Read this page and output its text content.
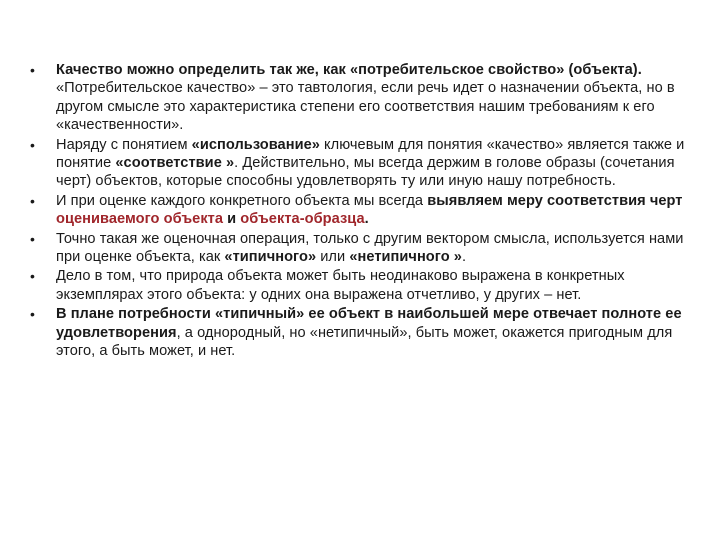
• Качество можно определить так же, как «потребительское свойство» (объекта). «Потребительское качество» – это тавтология, если речь идет о назначении объекта, но в другом смысле это характеристика степени его соответствия нашим требованиям к его «качественности».
• Наряду с понятием «использование» ключевым для понятия «качество» является также и понятие «соответствие ». Действительно, мы всегда держим в голове образы (сочетания черт) объектов, которые способны удовлетворять ту или иную нашу потребность.
• И при оценке каждого конкретного объекта мы всегда выявляем меру соответствия черт оцениваемого объекта и объекта-образца.
• Точно такая же оценочная операция, только с другим вектором смысла, используется нами при оценке объекта, как «типичного» или «нетипичного ».
• Дело в том, что природа объекта может быть неодинаково выражена в конкретных экземплярах этого объекта: у одних она выражена отчетливо, у других – нет.
• В плане потребности «типичный» ее объект в наибольшей мере отвечает полнотe ее удовлетворения, а однородный, но «нетипичный», быть может, окажется пригодным для этого, а быть может, и нет.
